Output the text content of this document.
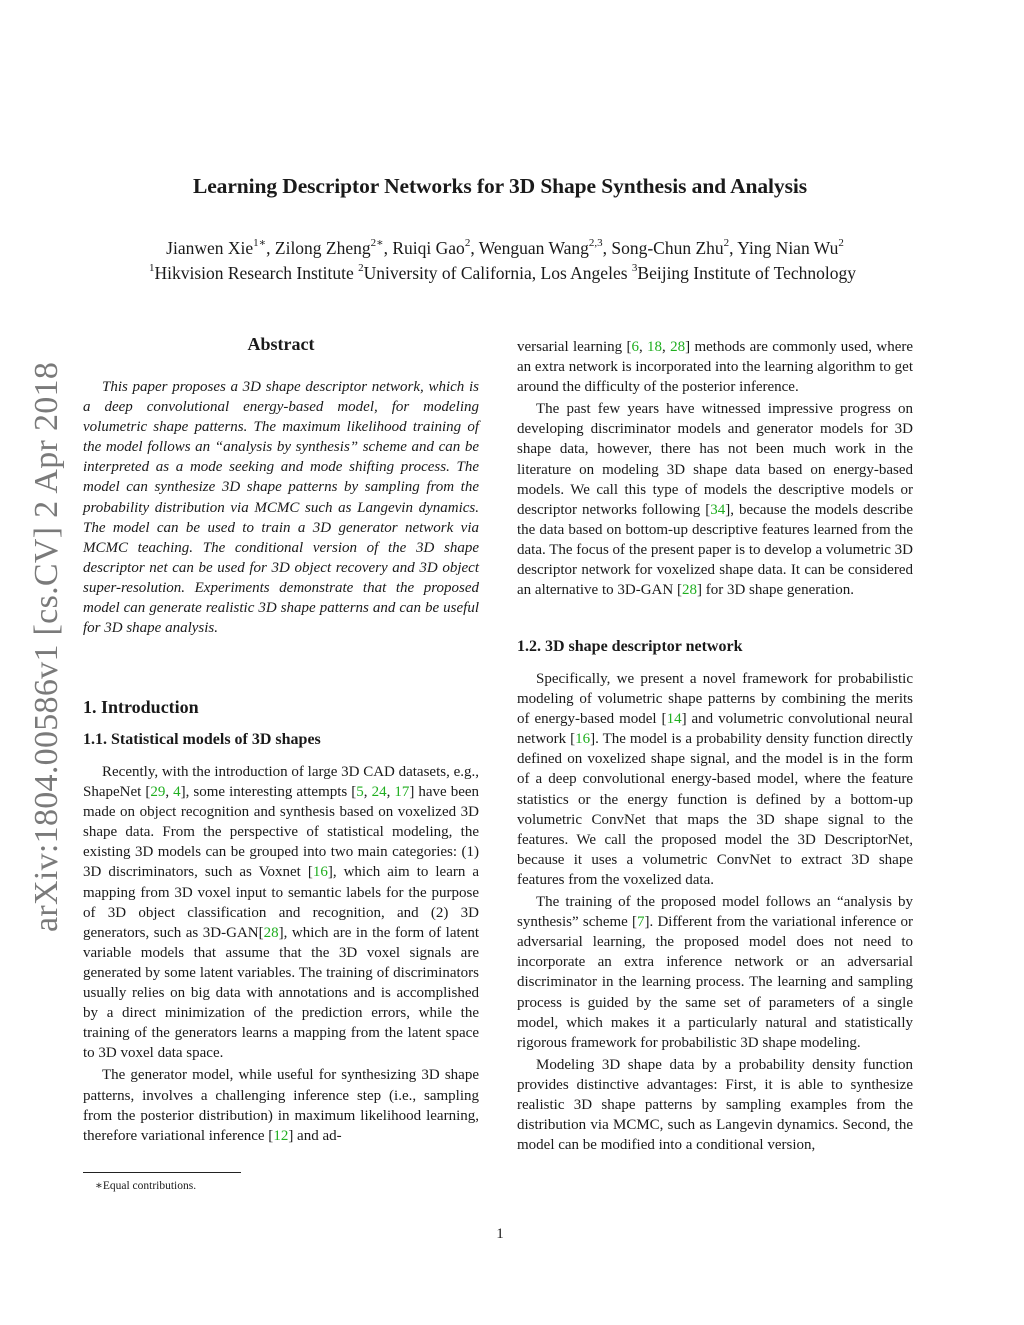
arXiv:1804.00586v1 [cs.CV] 2 Apr 2018
Learning Descriptor Networks for 3D Shape Synthesis and Analysis
Jianwen Xie$^{1∗}$, Zilong Zheng$^{2∗}$, Ruiqi Gao$^2$, Wenguan Wang$^{2,3}$, Song-Chun Zhu$^2$, Ying Nian Wu$^2$
$^1$Hikvision Research Institute $^2$University of California, Los Angeles $^3$Beijing Institute of Technology
Abstract

This paper proposes a 3D shape descriptor network, which is a deep convolutional energy-based model, for modeling volumetric shape patterns. The maximum likelihood training of the model follows an “analysis by synthesis” scheme and can be interpreted as a mode seeking and mode shifting process. The model can synthesize 3D shape patterns by sampling from the probability distribution via MCMC such as Langevin dynamics. The model can be used to train a 3D generator network via MCMC teaching. The conditional version of the 3D shape descriptor net can be used for 3D object recovery and 3D object super-resolution. Experiments demonstrate that the proposed model can generate realistic 3D shape patterns and can be useful for 3D shape analysis.

1. Introduction
1.1. Statistical models of 3D shapes

Recently, with the introduction of large 3D CAD datasets, e.g., ShapeNet [29, 4], some interesting attempts [5, 24, 17] have been made on object recognition and synthesis based on voxelized 3D shape data. From the perspective of statistical modeling, the existing 3D models can be grouped into two main categories: (1) 3D discriminators, such as Voxnet [16], which aim to learn a mapping from 3D voxel input to semantic labels for the purpose of 3D object classification and recognition, and (2) 3D generators, such as 3D-GAN[28], which are in the form of latent variable models that assume that the 3D voxel signals are generated by some latent variables. The training of discriminators usually relies on big data with annotations and is accomplished by a direct minimization of the prediction errors, while the training of the generators learns a mapping from the latent space to 3D voxel data space.

The generator model, while useful for synthesizing 3D shape patterns, involves a challenging inference step (i.e., sampling from the posterior distribution) in maximum likelihood learning, therefore variational inference [12] and ad-

∗Equal contributions.

versarial learning [6, 18, 28] methods are commonly used, where an extra network is incorporated into the learning algorithm to get around the difficulty of the posterior inference.

The past few years have witnessed impressive progress on developing discriminator models and generator models for 3D shape data, however, there has not been much work in the literature on modeling 3D shape data based on energy-based models. We call this type of models the descriptive models or descriptor networks following [34], because the models describe the data based on bottom-up descriptive features learned from the data. The focus of the present paper is to develop a volumetric 3D descriptor network for voxelized shape data. It can be considered an alternative to 3D-GAN [28] for 3D shape generation.

1.2. 3D shape descriptor network

Specifically, we present a novel framework for probabilistic modeling of volumetric shape patterns by combining the merits of energy-based model [14] and volumetric convolutional neural network [16]. The model is a probability density function directly defined on voxelized shape signal, and the model is in the form of a deep convolutional energy-based model, where the feature statistics or the energy function is defined by a bottom-up volumetric ConvNet that maps the 3D shape signal to the features. We call the proposed model the 3D DescriptorNet, because it uses a volumetric ConvNet to extract 3D shape features from the voxelized data.

The training of the proposed model follows an “analysis by synthesis” scheme [7]. Different from the variational inference or adversarial learning, the proposed model does not need to incorporate an extra inference network or an adversarial discriminator in the learning process. The learning and sampling process is guided by the same set of parameters of a single model, which makes it a particularly natural and statistically rigorous framework for probabilistic 3D shape modeling.

Modeling 3D shape data by a probability density function provides distinctive advantages: First, it is able to synthesize realistic 3D shape patterns by sampling examples from the distribution via MCMC, such as Langevin dynamics. Second, the model can be modified into a conditional version,

1
